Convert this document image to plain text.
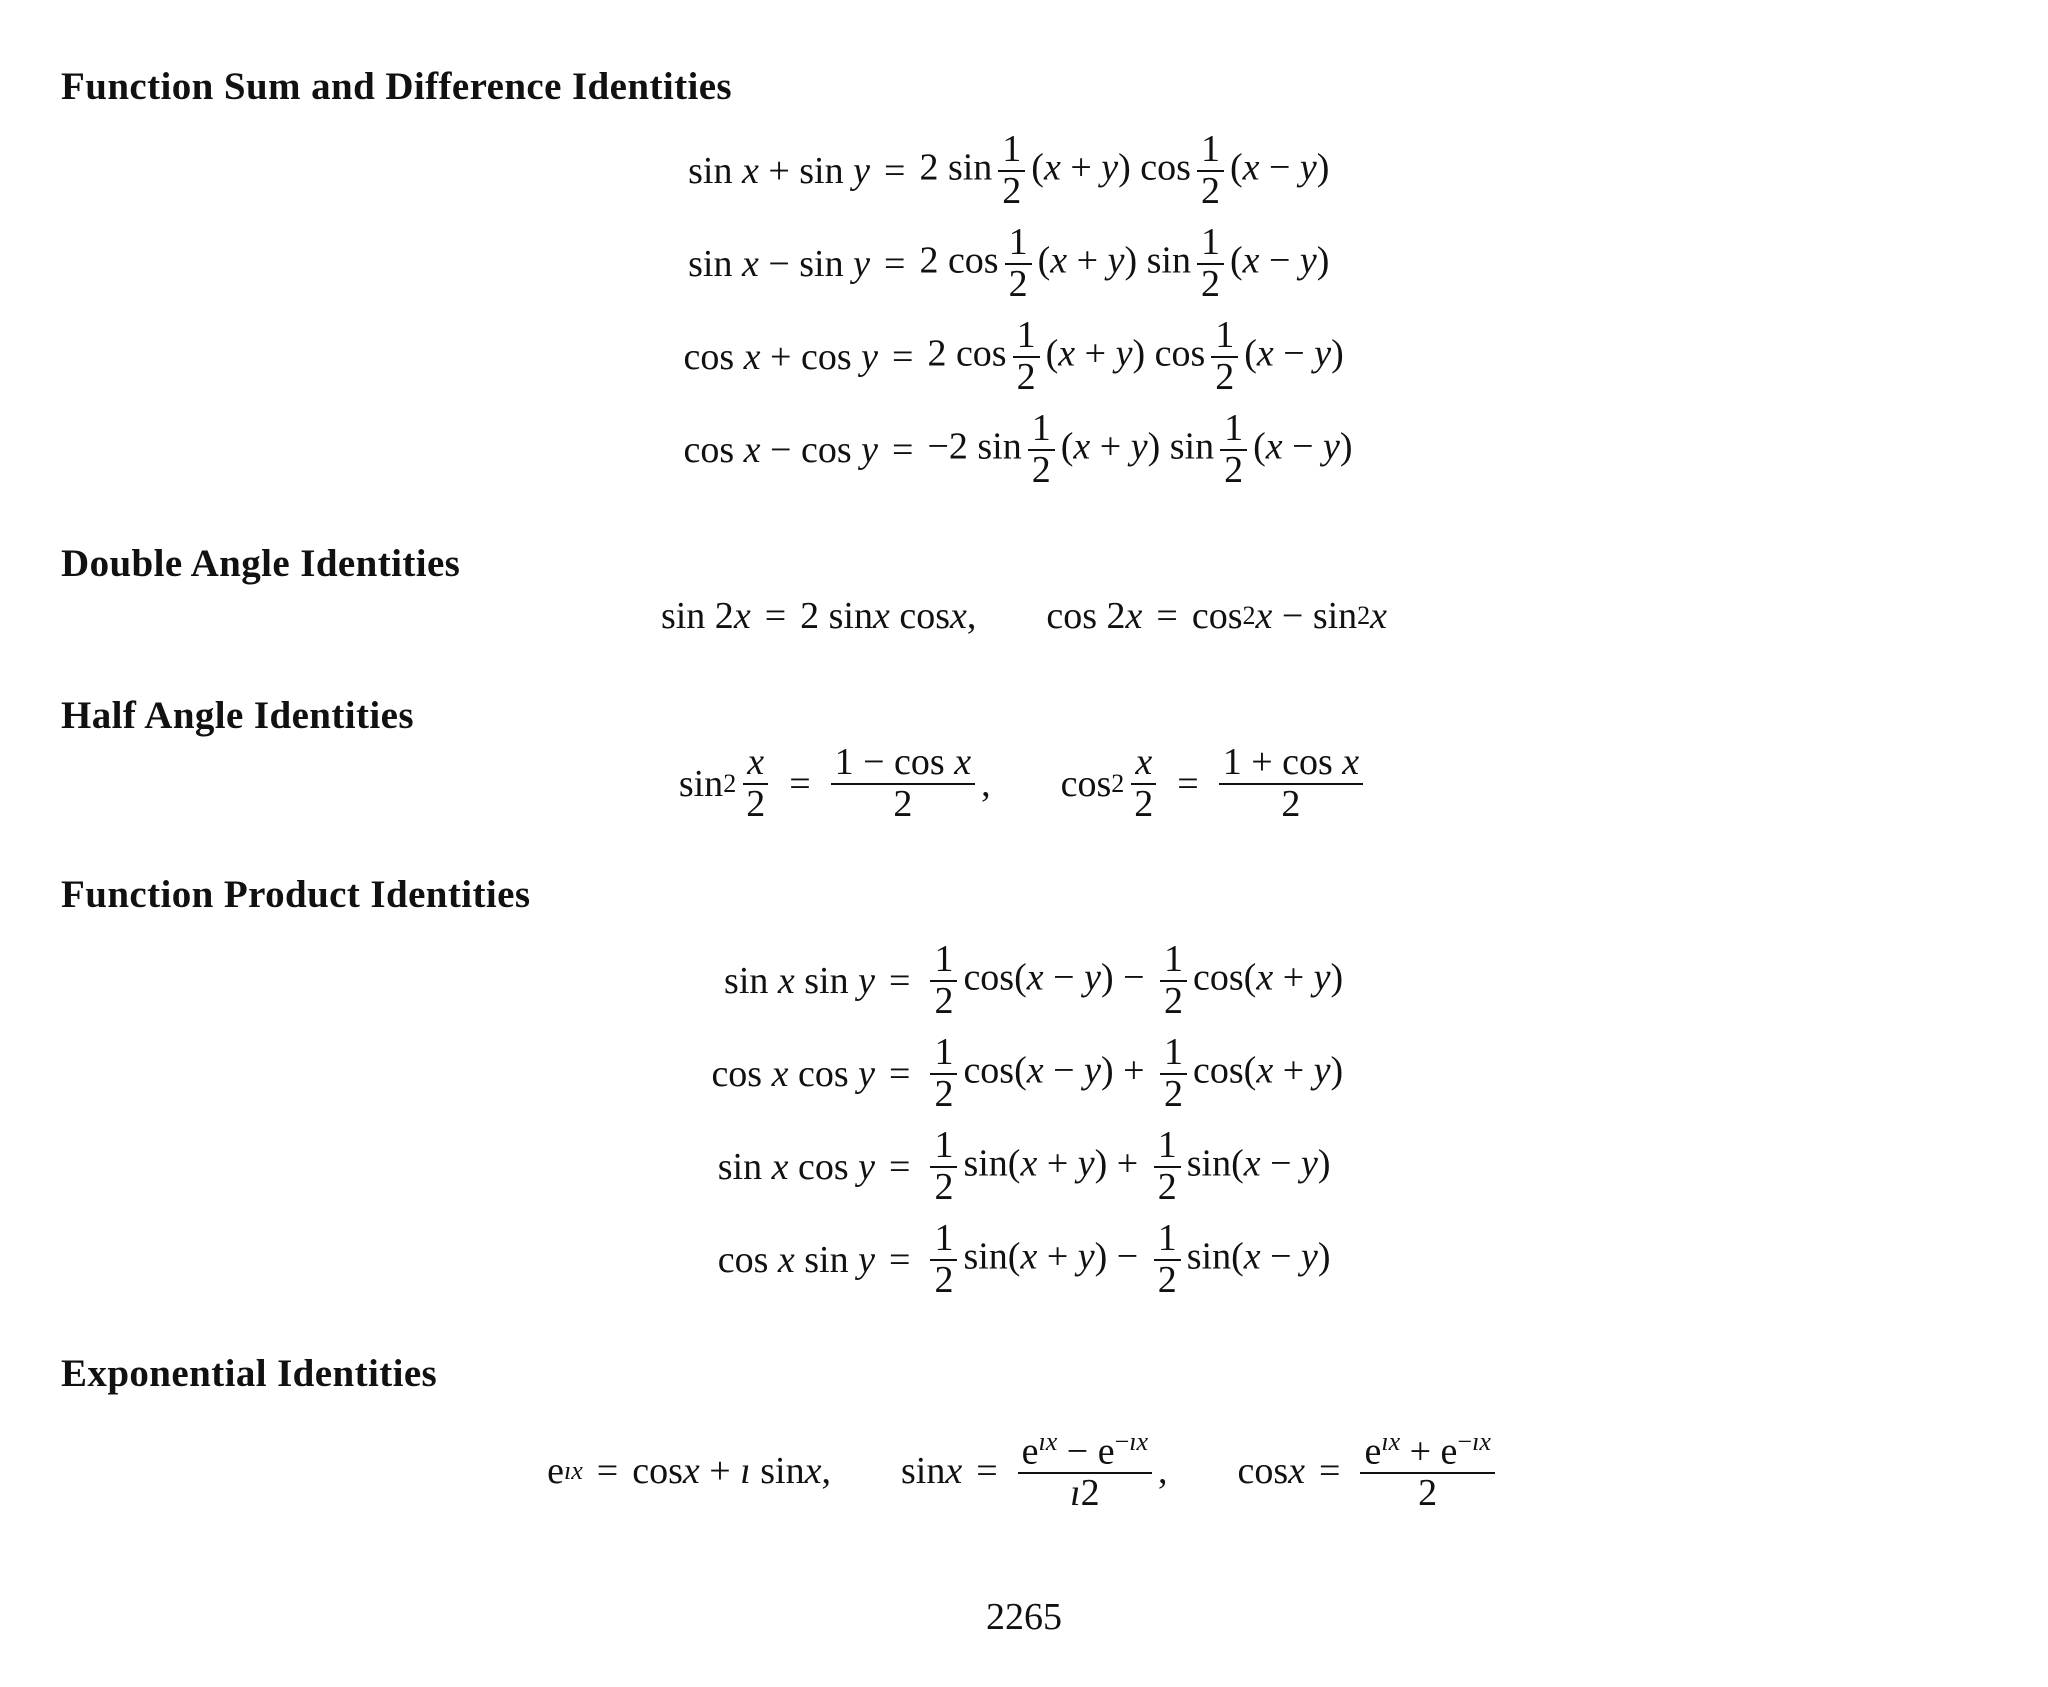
Function Sum and Difference Identities
sin x + sin y = 2 $\sin \frac{1}{2} (x + y)$ $\cos \frac{1}{2} (x - y)$
sin x − sin y = 2 $\cos \frac{1}{2} (x + y)$ $\sin \frac{1}{2} (x - y)$
cos x + cos y = 2 $\cos \frac{1}{2} (x + y)$ $\cos \frac{1}{2} (x - y)$
cos x − cos y = −2 $\sin \frac{1}{2} (x + y)$ $\sin \frac{1}{2} (x - y)$
Double Angle Identities
sin 2 x = 2 sin x cos x , cos 2 x = cos 2 x − sin 2 x
Half Angle Identities
$\sin 2 \frac{x}{2} = \frac{\text{1 − cos x}}{2}$ , $\cos 2 \frac{x}{2} = \frac{\text{1 + cos x}}{2}$
Function Product Identities
sin x $\sin y = \frac{1}{2} \cos(x - y) - \frac{1}{2} \cos(x + y)$
cos x $\cos y = \frac{1}{2} \cos(x - y) + \frac{1}{2} \cos(x + y)$
sin x $\cos y = \frac{1}{2} \sin(x + y) + \frac{1}{2} \sin(x - y)$
cos x $\sin y = \frac{1}{2} \sin(x + y) - \frac{1}{2} \sin(x - y)$
Exponential Identities
e ıx = cos x + ı sin x , $\sin x = \frac{e^{ıx} - e^{-ıx}}{ı2}$ , $\cos x = \frac{e^{ıx} + e^{-ıx}}{2}$
2265
